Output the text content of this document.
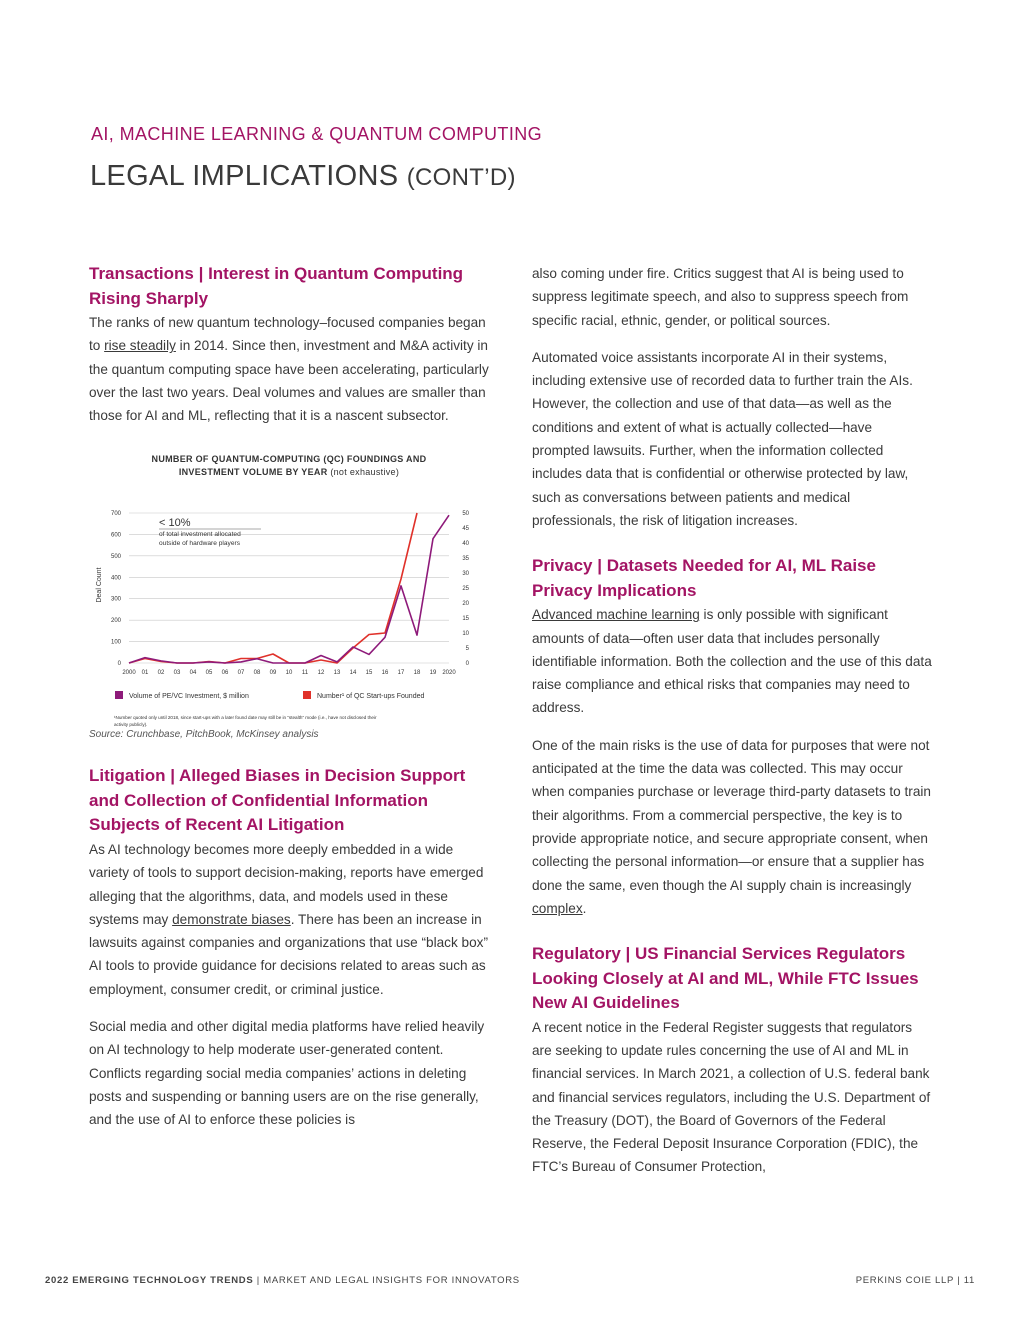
AI, MACHINE LEARNING & QUANTUM COMPUTING
LEGAL IMPLICATIONS (CONT’D)
Transactions | Interest in Quantum Computing Rising Sharply

The ranks of new quantum technology–focused companies began to rise steadily in 2014. Since then, investment and M&A activity in the quantum computing space have been accelerating, particularly over the last two years. Deal volumes and values are smaller than those for AI and ML, reflecting that it is a nascent subsector.

NUMBER OF QUANTUM-COMPUTING (QC) FOUNDINGS AND
INVESTMENT VOLUME BY YEAR (not exhaustive)
0
100
200
300
400
500
600
700
0
5
10
15
20
25
30
35
40
45
50
2000 01 02 03 04 05 06 07 08 09 10 11 12 13 14 15 16 17 18 19 2020
Deal Count
< 10%
of total investment allocated
outside of hardware players
Volume of PE/VC Investment, $ million	Number¹ of QC Start-ups Founded
¹Number quoted only until 2018, since start-ups with a later found date may still be in “stealth” mode (i.e., have not disclosed their
activity publicly).
Source: Crunchbase, PitchBook, McKinsey analysis
Litigation | Alleged Biases in Decision Support and Collection of Confidential Information Subjects of Recent AI Litigation

As AI technology becomes more deeply embedded in a wide variety of tools to support decision-making, reports have emerged alleging that the algorithms, data, and models used in these systems may demonstrate biases. There has been an increase in lawsuits against companies and organizations that use “black box” AI tools to provide guidance for decisions related to areas such as employment, consumer credit, or criminal justice.

Social media and other digital media platforms have relied heavily on AI technology to help moderate user-generated content. Conflicts regarding social media companies’ actions in deleting posts and suspending or banning users are on the rise generally, and the use of AI to enforce these policies is

also coming under fire. Critics suggest that AI is being used to suppress legitimate speech, and also to suppress speech from specific racial, ethnic, gender, or political sources.

Automated voice assistants incorporate AI in their systems, including extensive use of recorded data to further train the AIs. However, the collection and use of that data—as well as the conditions and extent of what is actually collected—have prompted lawsuits. Further, when the information collected includes data that is confidential or otherwise protected by law, such as conversations between patients and medical professionals, the risk of litigation increases.

Privacy | Datasets Needed for AI, ML Raise Privacy Implications

Advanced machine learning is only possible with significant amounts of data—often user data that includes personally identifiable information. Both the collection and the use of this data raise compliance and ethical risks that companies may need to address.

One of the main risks is the use of data for purposes that were not anticipated at the time the data was collected. This may occur when companies purchase or leverage third-party datasets to train their algorithms. From a commercial perspective, the key is to provide appropriate notice, and secure appropriate consent, when collecting the personal information—or ensure that a supplier has done the same, even though the AI supply chain is increasingly complex.

Regulatory | US Financial Services Regulators Looking Closely at AI and ML, While FTC Issues New AI Guidelines

A recent notice in the Federal Register suggests that regulators are seeking to update rules concerning the use of AI and ML in financial services. In March 2021, a collection of U.S. federal bank and financial services regulators, including the U.S. Department of the Treasury (DOT), the Board of Governors of the Federal Reserve, the Federal Deposit Insurance Corporation (FDIC), the FTC’s Bureau of Consumer Protection,

2022 EMERGING TECHNOLOGY TRENDS | MARKET AND LEGAL INSIGHTS FOR INNOVATORS	PERKINS COIE LLP | 11
